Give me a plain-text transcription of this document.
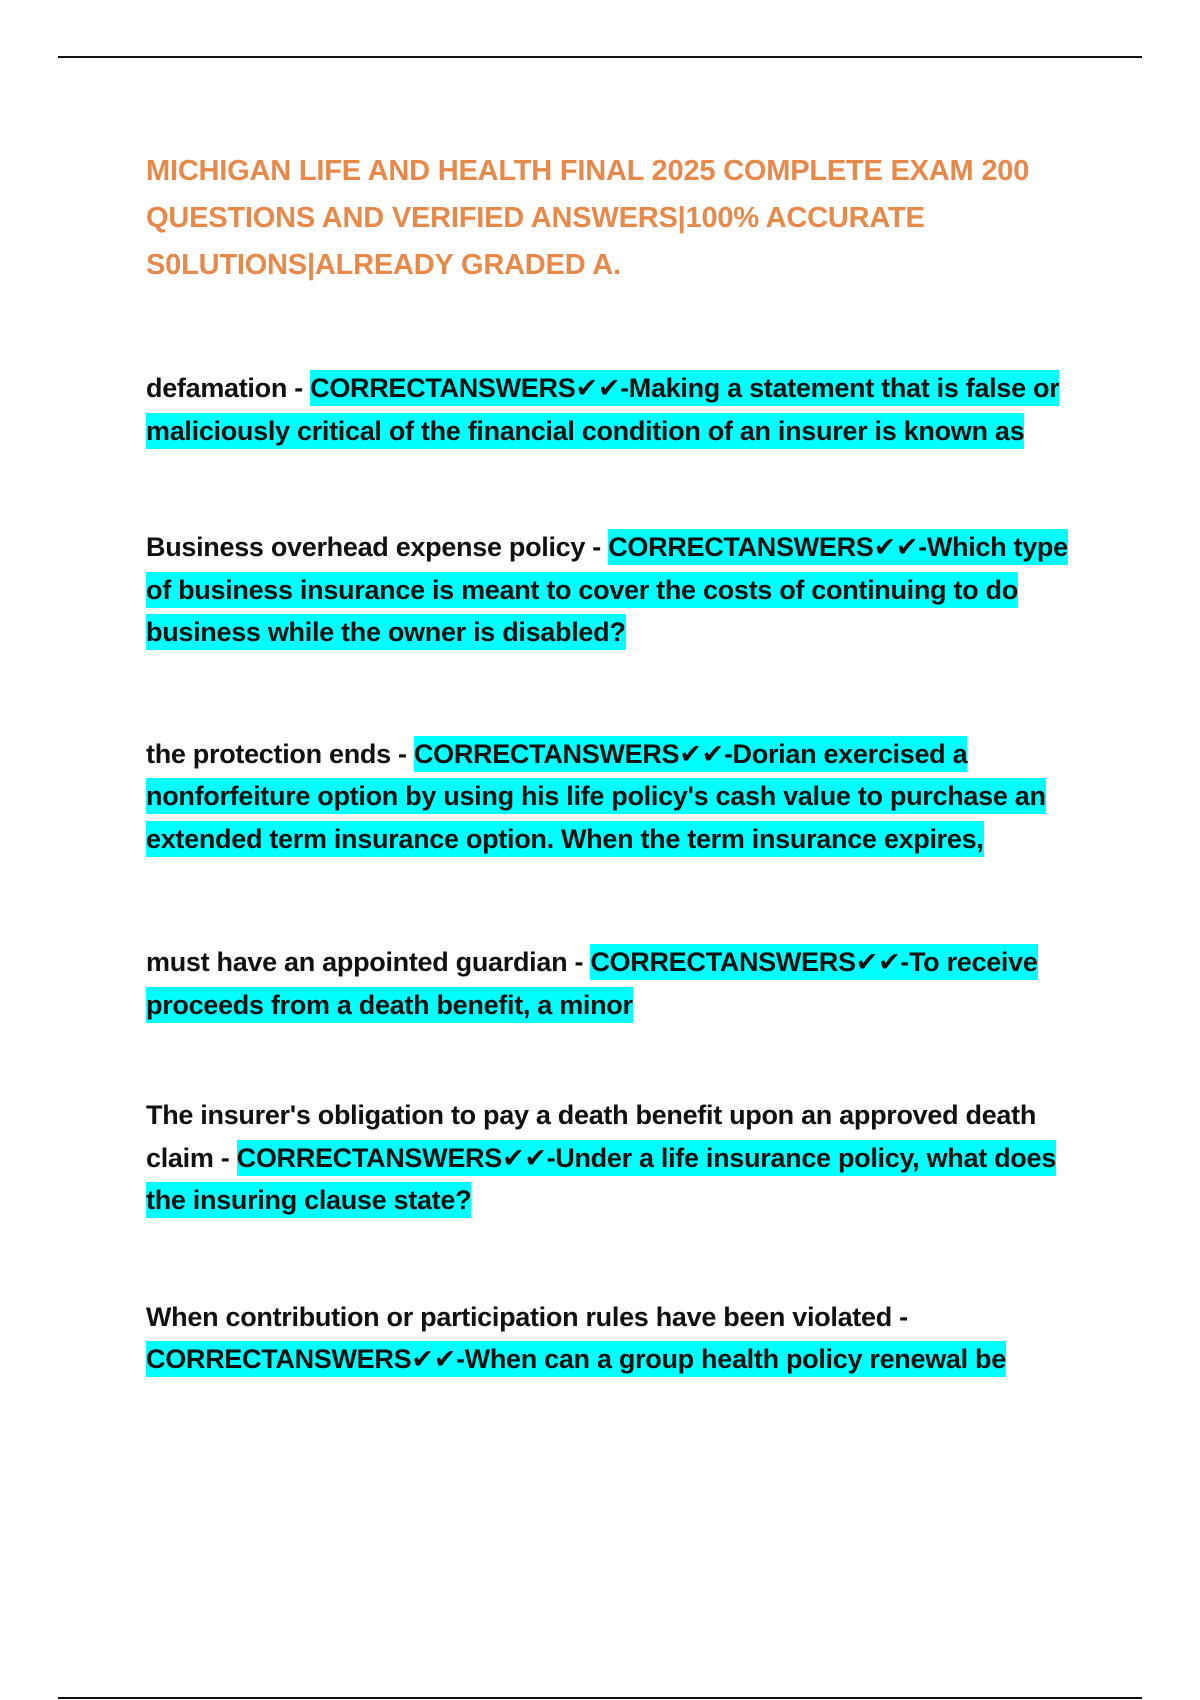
MICHIGAN LIFE AND HEALTH FINAL 2025 COMPLETE EXAM 200 QUESTIONS AND VERIFIED ANSWERS|100% ACCURATE S0LUTIONS|ALREADY GRADED A.

defamation - CORRECTANSWERS✔✔-Making a statement that is false or maliciously critical of the financial condition of an insurer is known as

Business overhead expense policy - CORRECTANSWERS✔✔-Which type of business insurance is meant to cover the costs of continuing to do business while the owner is disabled?

the protection ends - CORRECTANSWERS✔✔-Dorian exercised a nonforfeiture option by using his life policy's cash value to purchase an extended term insurance option. When the term insurance expires,

must have an appointed guardian - CORRECTANSWERS✔✔-To receive proceeds from a death benefit, a minor

The insurer's obligation to pay a death benefit upon an approved death claim - CORRECTANSWERS✔✔-Under a life insurance policy, what does the insuring clause state?

When contribution or participation rules have been violated - CORRECTANSWERS✔✔-When can a group health policy renewal be
